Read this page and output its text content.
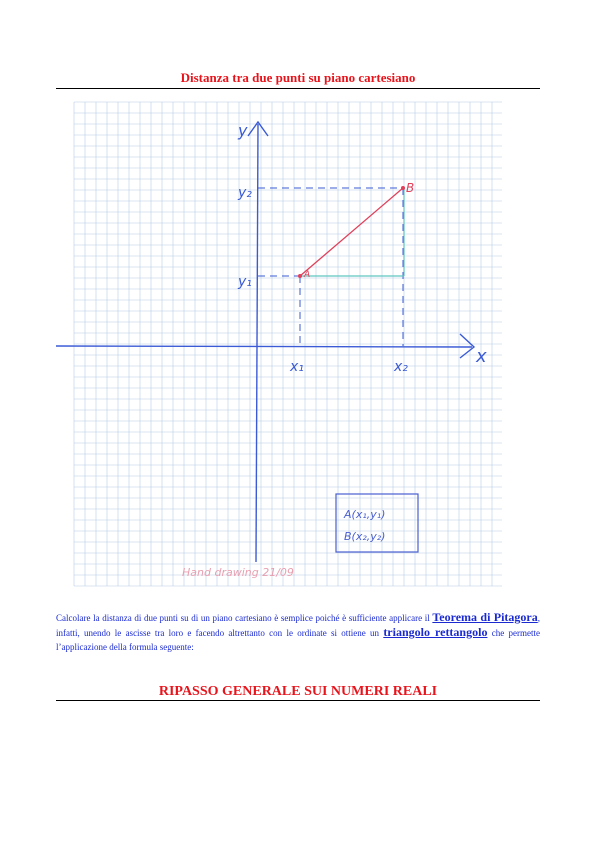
Distanza tra due punti su piano cartesiano
y
x
y₂
y₁
x₁	x₂
A
B
A(x₁,y₁)
B(x₂,y₂)
Hand drawing 21/09
Calcolare la distanza di due punti su di un piano cartesiano è semplice poiché è sufficiente applicare il Teorema di Pitagora, infatti, unendo le ascisse tra loro e facendo altrettanto con le ordinate si ottiene un triangolo rettangolo che permette l’applicazione della formula seguente:
RIPASSO GENERALE SUI NUMERI REALI
